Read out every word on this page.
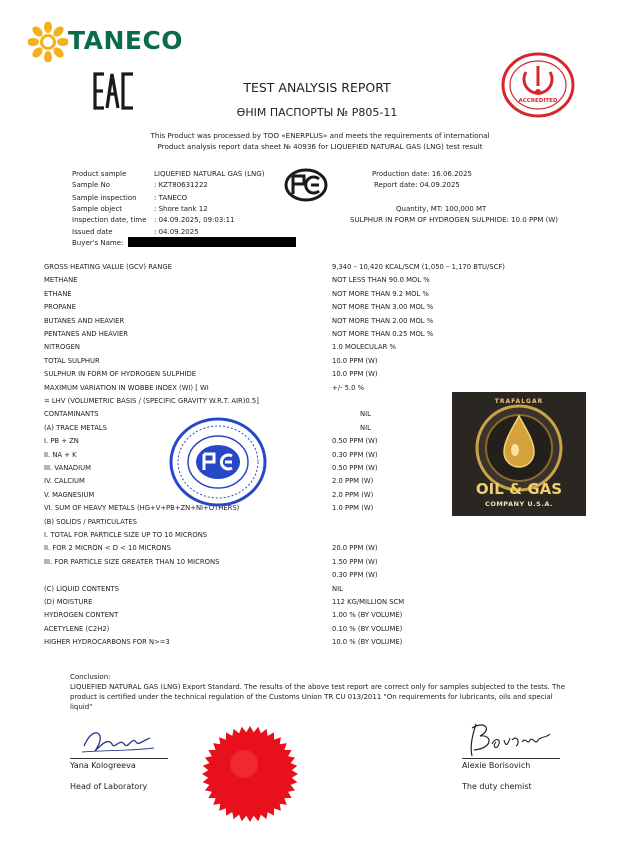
TANECO
ACCREDITED
TEST ANALYSIS REPORT
ӨНІМ ПАСПОРТЫ № P805-11
This Product was processed by TOO «ENERPLUS» and meets the requirements of international
Product analysis report data sheet № 40936 for LIQUEFIED NATURAL GAS (LNG) test result
Product sample	LIQUEFIED NATURAL GAS (LNG)
Sample No	: KZT80631222
Sample inspection : TANECO
Sample object	: Shore tank 12
Inspection date, time : 04.09.2025, 09:03:11
Issued date	: 04.09.2025
Buyer's Name:
Production date: 16.06.2025
Report date: 04.09.2025
Quantity, MT: 100,000 MT
SULPHUR IN FORM OF HYDROGEN SULPHIDE: 10.0 PPM (W)
GROSS HEATING VALUE (GCV) RANGE	9,340 – 10,420 KCAL/SCM (1,050 – 1,170 BTU/SCF)
METHANE	NOT LESS THAN 90.0 MOL %
ETHANE	NOT MORE THAN 9.2 MOL %
PROPANE	NOT MORE THAN 3.00 MOL %
BUTANES AND HEAVIER	NOT MORE THAN 2.00 MOL %
PENTANES AND HEAVIER	NOT MORE THAN 0.25 MOL %
NITROGEN	1.0 MOLECULAR %
TOTAL SULPHUR	10.0 PPM (W)
SULPHUR IN FORM OF HYDROGEN SULPHIDE	10.0 PPM (W)
MAXIMUM VARIATION IN WOBBE INDEX (WI) [ WI	+/- 5.0 %
= LHV (VOLUMETRIC BASIS / (SPECIFIC GRAVITY W.R.T. AIR)0.5]
CONTAMINANTS	NIL
(A) TRACE METALS	NIL
I. PB + ZN	0.50 PPM (W)
II. NA + K	0.30 PPM (W)
III. VANADIUM	0.50 PPM (W)
IV. CALCIUM	2.0 PPM (W)
V. MAGNESIUM	2.0 PPM (W)
VI. SUM OF HEAVY METALS (HG+V+PB+ZN+NI+OTHERS)	1.0 PPM (W)
(B) SOLIDS / PARTICULATES
I. TOTAL FOR PARTICLE SIZE UP TO 10 MICRONS
II. FOR 2 MICRON < D < 10 MICRONS	20.0 PPM (W)
III. FOR PARTICLE SIZE GREATER THAN 10 MICRONS	1.50 PPM (W)
0.30 PPM (W)
(C) LIQUID CONTENTS	NIL
(D) MOISTURE	112 KG/MILLION SCM
HYDROGEN CONTENT	1.00 % (BY VOLUME)
ACETYLENE (C2H2)	0.10 % (BY VOLUME)
HIGHER HYDROCARBONS FOR N>=3	10.0 % (BY VOLUME)
TRAFALGAR
OIL & GAS
COMPANY U.S.A.
Conclusion:
LIQUEFIED NATURAL GAS (LNG) Export Standard. The results of the above test report are correct only for samples subjected to the tests. The product is certified under the technical regulation of the Customs Union TR CU 013/2011 "On requirements for lubricants, oils and special liquid"
Yana Kologreeva
Head of Laboratory
Alexie Borisovich
The duty chemist
